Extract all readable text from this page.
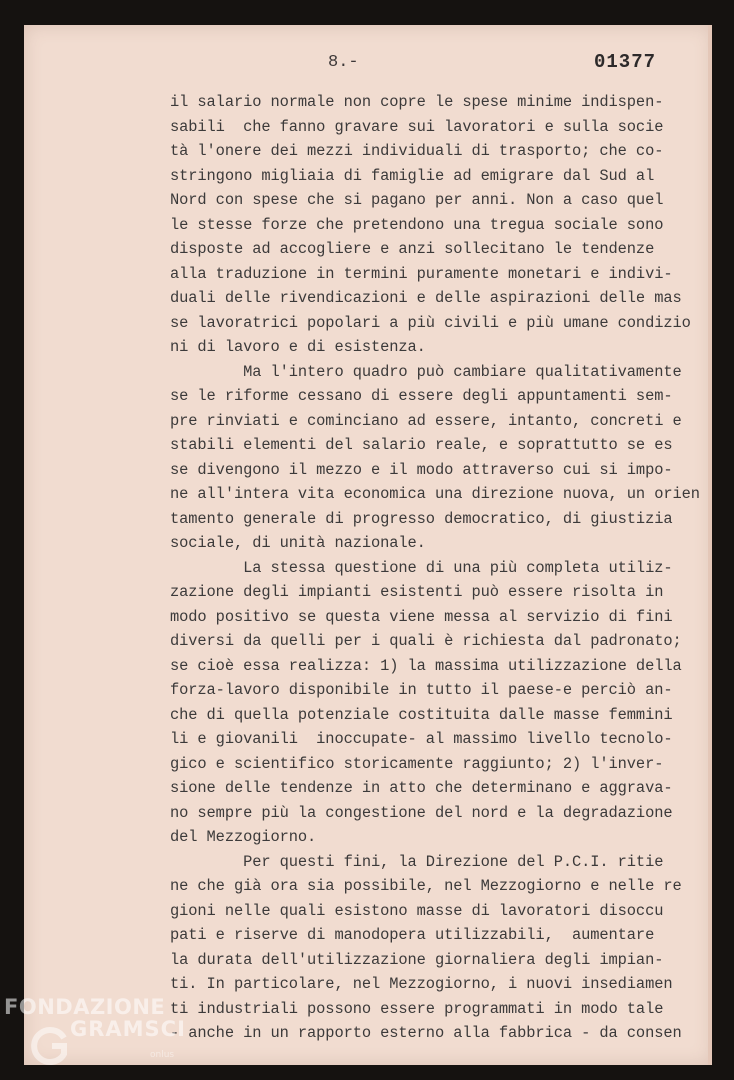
8.-	01377
il salario normale non copre le spese minime indispen-
sabili  che fanno gravare sui lavoratori e sulla socie
tà l'onere dei mezzi individuali di trasporto; che co-
stringono migliaia di famiglie ad emigrare dal Sud al
Nord con spese che si pagano per anni. Non a caso quel
le stesse forze che pretendono una tregua sociale sono
disposte ad accogliere e anzi sollecitano le tendenze
alla traduzione in termini puramente monetari e indivi-
duali delle rivendicazioni e delle aspirazioni delle mas
se lavoratrici popolari a più civili e più umane condizio
ni di lavoro e di esistenza.
Ma l'intero quadro può cambiare qualitativamente
se le riforme cessano di essere degli appuntamenti sem-
pre rinviati e cominciano ad essere, intanto, concreti e
stabili elementi del salario reale, e soprattutto se es
se divengono il mezzo e il modo attraverso cui si impo-
ne all'intera vita economica una direzione nuova, un orien
tamento generale di progresso democratico, di giustizia
sociale, di unità nazionale.
La stessa questione di una più completa utiliz-
zazione degli impianti esistenti può essere risolta in
modo positivo se questa viene messa al servizio di fini
diversi da quelli per i quali è richiesta dal padronato;
se cioè essa realizza: 1) la massima utilizzazione della
forza-lavoro disponibile in tutto il paese-e perciò an-
che di quella potenziale costituita dalle masse femmini
li e giovanili  inoccupate- al massimo livello tecnolo-
gico e scientifico storicamente raggiunto; 2) l'inver-
sione delle tendenze in atto che determinano e aggrava-
no sempre più la congestione del nord e la degradazione
del Mezzogiorno.
Per questi fini, la Direzione del P.C.I. ritie
ne che già ora sia possibile, nel Mezzogiorno e nelle re
gioni nelle quali esistono masse di lavoratori disoccu
pati e riserve di manodopera utilizzabili,  aumentare
la durata dell'utilizzazione giornaliera degli impian-
ti. In particolare, nel Mezzogiorno, i nuovi insediamen
ti industriali possono essere programmati in modo tale
- anche in un rapporto esterno alla fabbrica - da consen
FONDAZIONE
GRAMSCI
onlus
